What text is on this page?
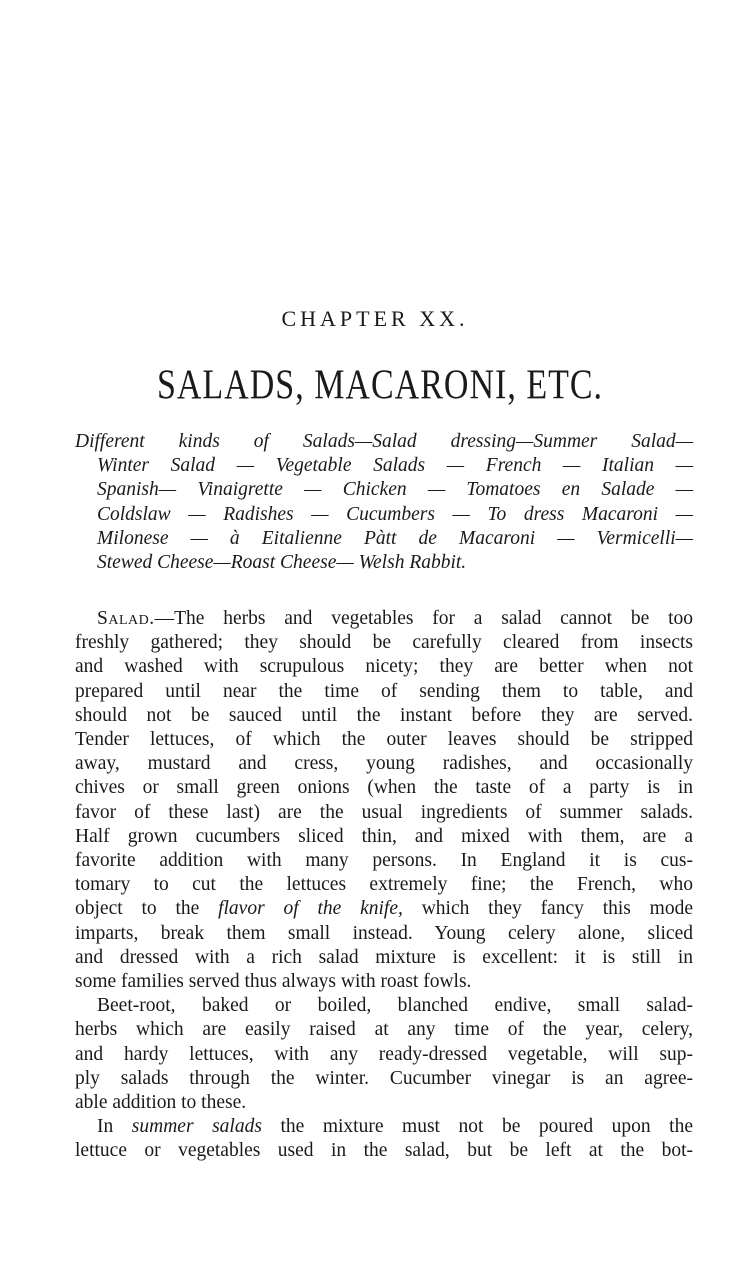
CHAPTER XX.
SALADS, MACARONI, ETC.
Different kinds of Salads—Salad dressing—Summer Salad—
Winter Salad — Vegetable Salads — French — Italian —
Spanish— Vinaigrette — Chicken — Tomatoes en Salade —
Coldslaw — Radishes — Cucumbers — To dress Macaroni —
Milonese — à Eitalienne Pàtt de Macaroni — Vermicelli—
Stewed Cheese—Roast Cheese— Welsh Rabbit.
Salad.—The herbs and vegetables for a salad cannot be too
freshly gathered; they should be carefully cleared from insects
and washed with scrupulous nicety; they are better when not
prepared until near the time of sending them to table, and
should not be sauced until the instant before they are served.
Tender lettuces, of which the outer leaves should be stripped
away, mustard and cress, young radishes, and occasionally
chives or small green onions (when the taste of a party is in
favor of these last) are the usual ingredients of summer salads.
Half grown cucumbers sliced thin, and mixed with them, are a
favorite addition with many persons. In England it is cus-
tomary to cut the lettuces extremely fine; the French, who
object to the flavor of the knife, which they fancy this mode
imparts, break them small instead. Young celery alone, sliced
and dressed with a rich salad mixture is excellent: it is still in
some families served thus always with roast fowls.
Beet-root, baked or boiled, blanched endive, small salad-
herbs which are easily raised at any time of the year, celery,
and hardy lettuces, with any ready-dressed vegetable, will sup-
ply salads through the winter. Cucumber vinegar is an agree-
able addition to these.
In summer salads the mixture must not be poured upon the
lettuce or vegetables used in the salad, but be left at the bot-
